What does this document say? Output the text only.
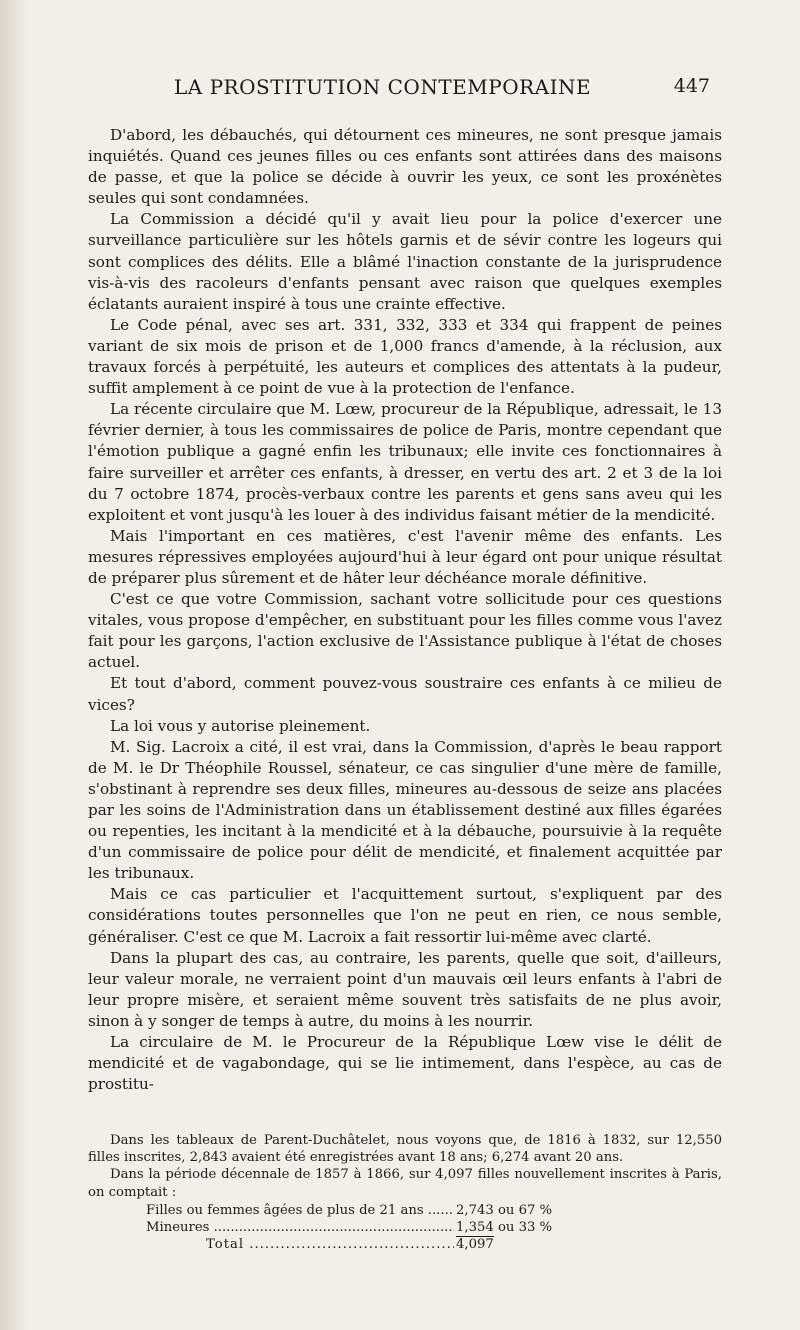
LA PROSTITUTION CONTEMPORAINE	447

D'abord, les débauchés, qui détournent ces mineures, ne sont presque jamais inquiétés. Quand ces jeunes filles ou ces enfants sont attirées dans des maisons de passe, et que la police se décide à ouvrir les yeux, ce sont les proxénètes seules qui sont condamnées.

La Commission a décidé qu'il y avait lieu pour la police d'exercer une surveillance particulière sur les hôtels garnis et de sévir contre les logeurs qui sont complices des délits. Elle a blâmé l'inaction constante de la jurisprudence vis-à-vis des racoleurs d'enfants pensant avec raison que quelques exemples éclatants auraient inspiré à tous une crainte effective.

Le Code pénal, avec ses art. 331, 332, 333 et 334 qui frappent de peines variant de six mois de prison et de 1,000 francs d'amende, à la réclusion, aux travaux forcés à perpétuité, les auteurs et complices des attentats à la pudeur, suffit amplement à ce point de vue à la protection de l'enfance.

La récente circulaire que M. Lœw, procureur de la République, adressait, le 13 février dernier, à tous les commissaires de police de Paris, montre cependant que l'émotion publique a gagné enfin les tribunaux; elle invite ces fonctionnaires à faire surveiller et arrêter ces enfants, à dresser, en vertu des art. 2 et 3 de la loi du 7 octobre 1874, procès-verbaux contre les parents et gens sans aveu qui les exploitent et vont jusqu'à les louer à des individus faisant métier de la mendicité.

Mais l'important en ces matières, c'est l'avenir même des enfants. Les mesures répressives employées aujourd'hui à leur égard ont pour unique résultat de préparer plus sûrement et de hâter leur déchéance morale définitive.

C'est ce que votre Commission, sachant votre sollicitude pour ces questions vitales, vous propose d'empêcher, en substituant pour les filles comme vous l'avez fait pour les garçons, l'action exclusive de l'Assistance publique à l'état de choses actuel.

Et tout d'abord, comment pouvez-vous soustraire ces enfants à ce milieu de vices?

La loi vous y autorise pleinement.

M. Sig. Lacroix a cité, il est vrai, dans la Commission, d'après le beau rapport de M. le Dr Théophile Roussel, sénateur, ce cas singulier d'une mère de famille, s'obstinant à reprendre ses deux filles, mineures au-dessous de seize ans placées par les soins de l'Administration dans un établissement destiné aux filles égarées ou repenties, les incitant à la mendicité et à la débauche, poursuivie à la requête d'un commissaire de police pour délit de mendicité, et finalement acquittée par les tribunaux.

Mais ce cas particulier et l'acquittement surtout, s'expliquent par des considérations toutes personnelles que l'on ne peut en rien, ce nous semble, généraliser. C'est ce que M. Lacroix a fait ressortir lui-même avec clarté.

Dans la plupart des cas, au contraire, les parents, quelle que soit, d'ailleurs, leur valeur morale, ne verraient point d'un mauvais œil leurs enfants à l'abri de leur propre misère, et seraient même souvent très satisfaits de ne plus avoir, sinon à y songer de temps à autre, du moins à les nourrir.

La circulaire de M. le Procureur de la République Lœw vise le délit de mendicité et de vagabondage, qui se lie intimement, dans l'espèce, au cas de prostitu-

Dans les tableaux de Parent-Duchâtelet, nous voyons que, de 1816 à 1832, sur 12,550 filles inscrites, 2,843 avaient été enregistrées avant 18 ans; 6,274 avant 20 ans.

Dans la période décennale de 1857 à 1866, sur 4,097 filles nouvellement inscrites à Paris, on comptait :

Filles ou femmes âgées de plus de 21 ans .....	2,743 ou 67 %
Mineures .....	1,354 ou 33 %
Total .....	4,097
